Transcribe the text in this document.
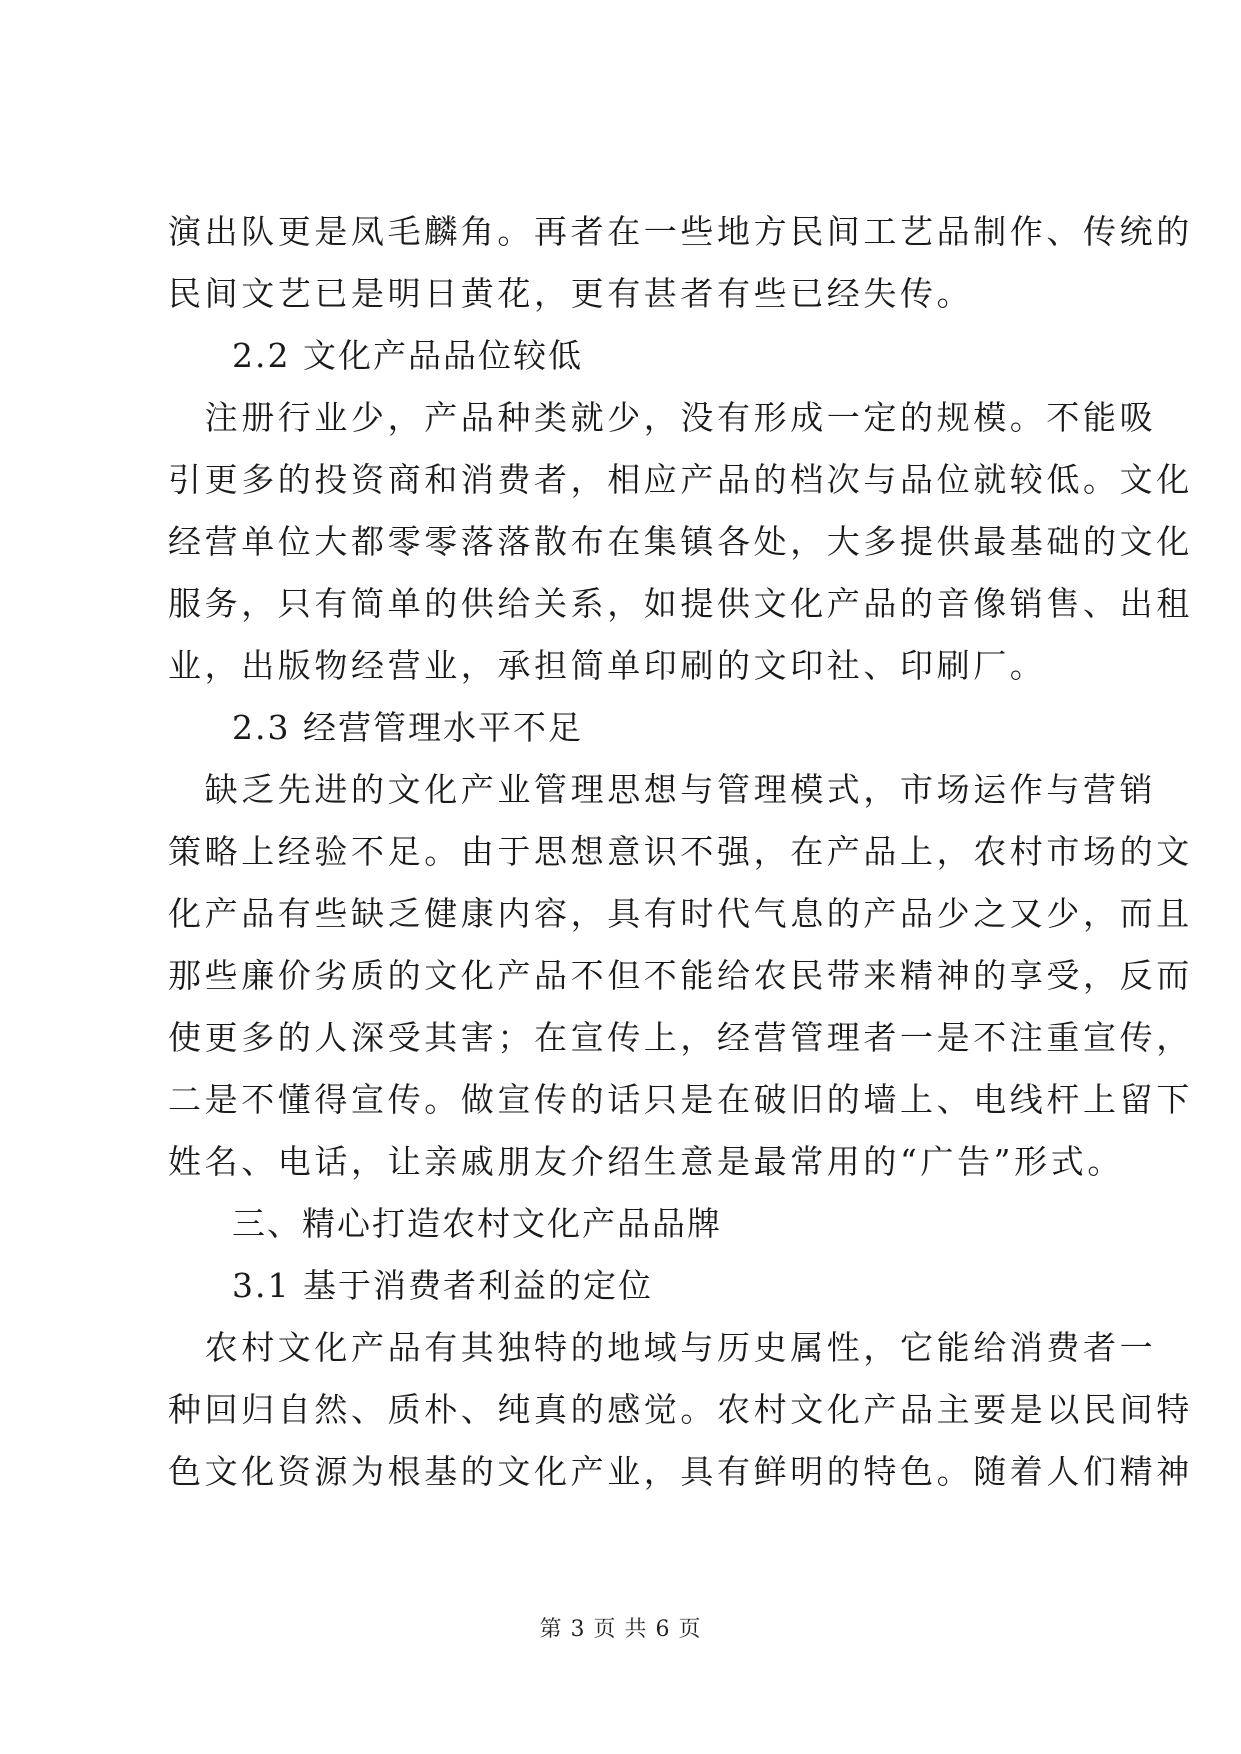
演出队更是凤毛麟角。再者在一些地方民间工艺品制作、传统的
民间文艺已是明日黄花，更有甚者有些已经失传。
2.2 文化产品品位较低
　注册行业少，产品种类就少，没有形成一定的规模。不能吸
引更多的投资商和消费者，相应产品的档次与品位就较低。文化
经营单位大都零零落落散布在集镇各处，大多提供最基础的文化
服务，只有简单的供给关系，如提供文化产品的音像销售、出租
业，出版物经营业，承担简单印刷的文印社、印刷厂。
2.3 经营管理水平不足
　缺乏先进的文化产业管理思想与管理模式，市场运作与营销
策略上经验不足。由于思想意识不强，在产品上，农村市场的文
化产品有些缺乏健康内容，具有时代气息的产品少之又少，而且
那些廉价劣质的文化产品不但不能给农民带来精神的享受，反而
使更多的人深受其害；在宣传上，经营管理者一是不注重宣传，
二是不懂得宣传。做宣传的话只是在破旧的墙上、电线杆上留下
姓名、电话，让亲戚朋友介绍生意是最常用的“广告”形式。
三、精心打造农村文化产品品牌
3.1 基于消费者利益的定位
　农村文化产品有其独特的地域与历史属性，它能给消费者一
种回归自然、质朴、纯真的感觉。农村文化产品主要是以民间特
色文化资源为根基的文化产业，具有鲜明的特色。随着人们精神
第 3 页 共 6 页
